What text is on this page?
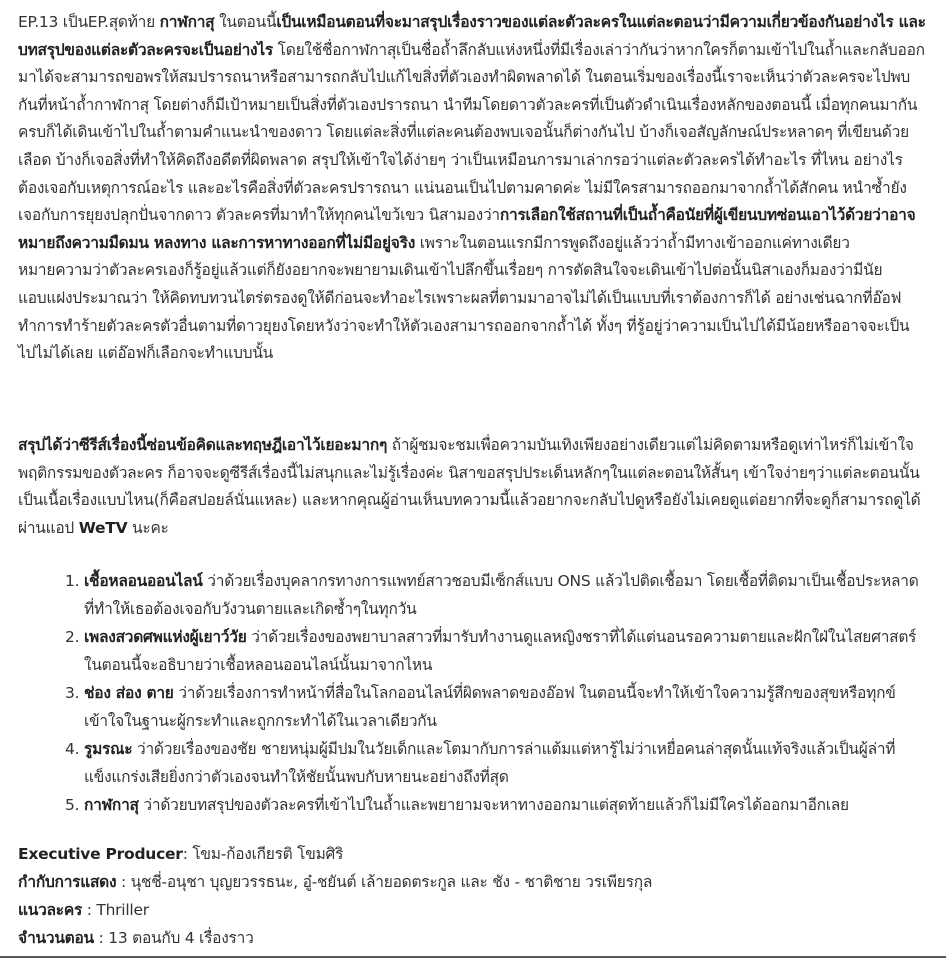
EP.13 เป็นEP.สุดท้าย กาฬกาสุ ในตอนนี้เป็นเหมือนตอนที่จะมาสรุปเรื่องราวของแต่ละตัวละครในแต่ละตอนว่ามีความเกี่ยวข้องกันอย่างไร และบทสรุปของแต่ละตัวละครจะเป็นอย่างไร โดยใช้ชื่อกาฬกาสุเป็นชื่อถ้ำลึกลับแห่งหนึ่งที่มีเรื่องเล่าว่ากันว่าหากใครก็ตามเข้าไปในถ้ำและกลับออกมาได้จะสามารถขอพรให้สมปรารถนาหรือสามารถกลับไปแก้ไขสิ่งที่ตัวเองทำผิดพลาดได้ ในตอนเริ่มของเรื่องนี้เราจะเห็นว่าตัวละครจะไปพบกันที่หน้าถ้ำกาฬกาสุ โดยต่างก็มีเป้าหมายเป็นสิ่งที่ตัวเองปรารถนา นำทีมโดยดาวตัวละครที่เป็นตัวดำเนินเรื่องหลักของตอนนี้ เมื่อทุกคนมากันครบก็ได้เดินเข้าไปในถ้ำตามคำแนะนำของดาว โดยแต่ละสิ่งที่แต่ละคนต้องพบเจอนั้นก็ต่างกันไป บ้างก็เจอสัญลักษณ์ประหลาดๆ ที่เขียนด้วยเลือด บ้างก็เจอสิ่งที่ทำให้คิดถึงอดีตที่ผิดพลาด สรุปให้เข้าใจได้ง่ายๆ ว่าเป็นเหมือนการมาเล่ากรอว่าแต่ละตัวละครได้ทำอะไร ที่ไหน อย่างไร ต้องเจอกับเหตุการณ์อะไร และอะไรคือสิ่งที่ตัวละครปรารถนา แน่นอนเป็นไปตามคาดค่ะ ไม่มีใครสามารถออกมาจากถ้ำได้สักคน หนำซ้ำยังเจอกับการยุยงปลุกปั่นจากดาว ตัวละครที่มาทำให้ทุกคนไขว้เขว นิสามองว่าการเลือกใช้สถานที่เป็นถ้ำคือนัยที่ผู้เขียนบทซ่อนเอาไว้ด้วยว่าอาจหมายถึงความมืดมน หลงทาง และการหาทางออกที่ไม่มีอยู่จริง เพราะในตอนแรกมีการพูดถึงอยู่แล้วว่าถ้ำมีทางเข้าออกแค่ทางเดียว หมายความว่าตัวละครเองก็รู้อยู่แล้วแต่ก็ยังอยากจะพยายามเดินเข้าไปลึกขึ้นเรื่อยๆ การตัดสินใจจะเดินเข้าไปต่อนั้นนิสาเองก็มองว่ามีนัยแอบแฝงประมาณว่า ให้คิดทบทวนไตร่ตรองดูให้ดีก่อนจะทำอะไรเพราะผลที่ตามมาอาจไม่ได้เป็นแบบที่เราต้องการก็ได้ อย่างเช่นฉากที่อ๊อฟทำการทำร้ายตัวละครตัวอื่นตามที่ดาวยุยงโดยหวังว่าจะทำให้ตัวเองสามารถออกจากถ้ำได้ ทั้งๆ ที่รู้อยู่ว่าความเป็นไปได้มีน้อยหรืออาจจะเป็นไปไม่ได้เลย แต่อ๊อฟก็เลือกจะทำแบบนั้น

สรุปได้ว่าซีรีส์เรื่องนี้ซ่อนข้อคิดและทฤษฎีเอาไว้เยอะมากๆ ถ้าผู้ชมจะชมเพื่อความบันเทิงเพียงอย่างเดียวแต่ไม่คิดตามหรือดูเท่าไหร่ก็ไม่เข้าใจพฤติกรรมของตัวละคร ก็อาจจะดูซีรีส์เรื่องนี้ไม่สนุกและไม่รู้เรื่องค่ะ นิสาขอสรุปประเด็นหลักๆในแต่ละตอนให้สั้นๆ เข้าใจง่ายๆว่าแต่ละตอนนั้นเป็นเนื้อเรื่องแบบไหน(ก็คือสปอยล์นั่นแหละ) และหากคุณผู้อ่านเห็นบทความนี้แล้วอยากจะกลับไปดูหรือยังไม่เคยดูแต่อยากที่จะดูก็สามารถดูได้ผ่านแอป WeTV นะคะ

1. เชื้อหลอนออนไลน์ ว่าด้วยเรื่องบุคลากรทางการแพทย์สาวชอบมีเซ็กส์แบบ ONS แล้วไปติดเชื้อมา โดยเชื้อที่ติดมาเป็นเชื้อประหลาดที่ทำให้เธอต้องเจอกับวังวนตายและเกิดซ้ำๆในทุกวัน
2. เพลงสวดศพแห่งผู้เยาว์วัย ว่าด้วยเรื่องของพยาบาลสาวที่มารับทำงานดูแลหญิงชราที่ได้แต่นอนรอความตายและฝักใฝ่ในไสยศาสตร์ ในตอนนี้จะอธิบายว่าเชื้อหลอนออนไลน์นั้นมาจากไหน
3. ช่อง ส่อง ตาย ว่าด้วยเรื่องการทำหน้าที่สื่อในโลกออนไลน์ที่ผิดพลาดของอ๊อฟ ในตอนนี้จะทำให้เข้าใจความรู้สึกของสุขหรือทุกข์ เข้าใจในฐานะผู้กระทำและถูกกระทำได้ในเวลาเดียวกัน
4. รูมรณะ ว่าด้วยเรื่องของชัย ชายหนุ่มผู้มีปมในวัยเด็กและโตมากับการล่าแต้มแต่หารู้ไม่ว่าเหยื่อคนล่าสุดนั้นแท้จริงแล้วเป็นผู้ล่าที่แข็งแกร่งเสียยิ่งกว่าตัวเองจนทำให้ชัยนั้นพบกับหายนะอย่างถึงที่สุด
5. กาฬกาสุ ว่าด้วยบทสรุปของตัวละครที่เข้าไปในถ้ำและพยายามจะหาทางออกมาแต่สุดท้ายแล้วก็ไม่มีใครได้ออกมาอีกเลย

Executive Producer: โขม-ก้องเกียรติ โขมศิริ

กำกับการแสดง : นุชชี่-อนุชา บุญยวรรธนะ, อู๋-ชยันต์ เล้ายอดตระกูล และ ชัง - ชาติชาย วรเพียรกุล

แนวละคร : Thriller

จำนวนตอน : 13 ตอนกับ 4 เรื่องราว
